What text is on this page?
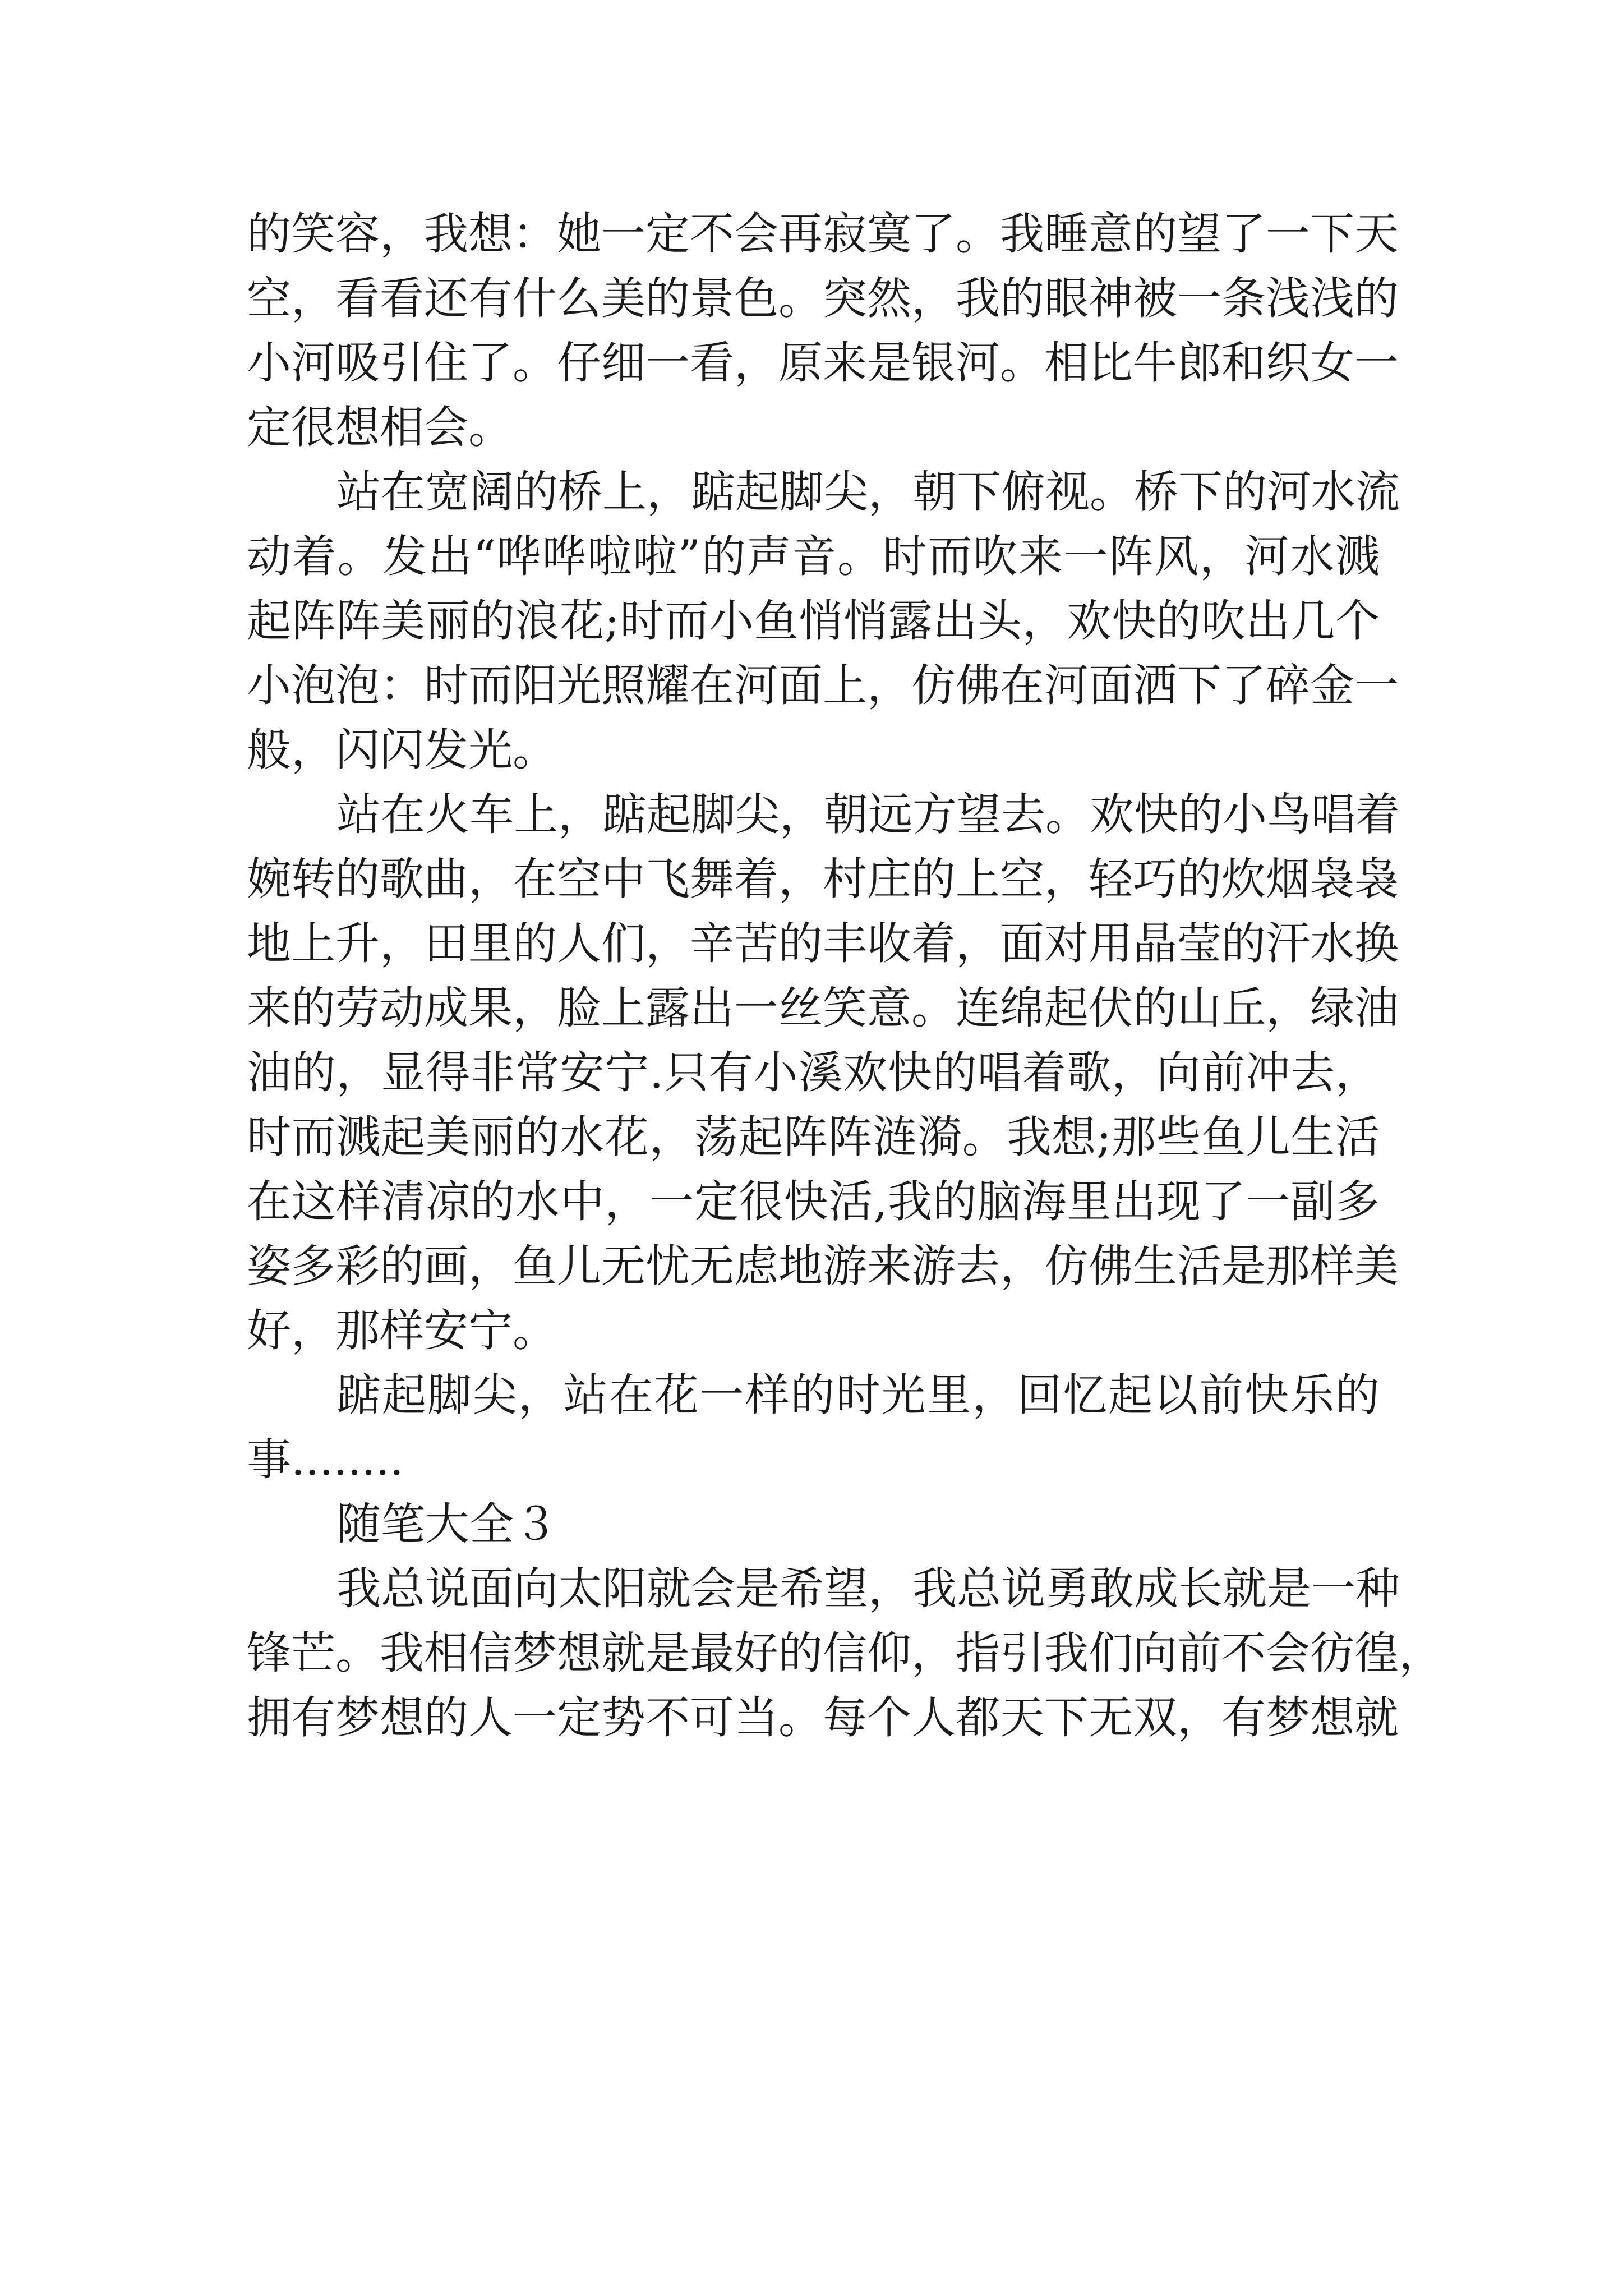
的笑容，我想：她一定不会再寂寞了。我睡意的望了一下天
空，看看还有什么美的景色。突然，我的眼神被一条浅浅的
小河吸引住了。仔细一看，原来是银河。相比牛郎和织女一
定很想相会。
站在宽阔的桥上，踮起脚尖，朝下俯视。桥下的河水流
动着。发出“哗哗啦啦”的声音。时而吹来一阵风，河水溅
起阵阵美丽的浪花;时而小鱼悄悄露出头，欢快的吹出几个
小泡泡：时而阳光照耀在河面上，仿佛在河面洒下了碎金一
般，闪闪发光。
站在火车上，踮起脚尖，朝远方望去。欢快的小鸟唱着
婉转的歌曲，在空中飞舞着，村庄的上空，轻巧的炊烟袅袅
地上升，田里的人们，辛苦的丰收着，面对用晶莹的汗水换
来的劳动成果，脸上露出一丝笑意。连绵起伏的山丘，绿油
油的，显得非常安宁.只有小溪欢快的唱着歌，向前冲去，
时而溅起美丽的水花，荡起阵阵涟漪。我想;那些鱼儿生活
在这样清凉的水中，一定很快活,我的脑海里出现了一副多
姿多彩的画，鱼儿无忧无虑地游来游去，仿佛生活是那样美
好，那样安宁。
踮起脚尖，站在花一样的时光里，回忆起以前快乐的
事........
随笔大全３
我总说面向太阳就会是希望，我总说勇敢成长就是一种
锋芒。我相信梦想就是最好的信仰，指引我们向前不会彷徨，
拥有梦想的人一定势不可当。每个人都天下无双，有梦想就
